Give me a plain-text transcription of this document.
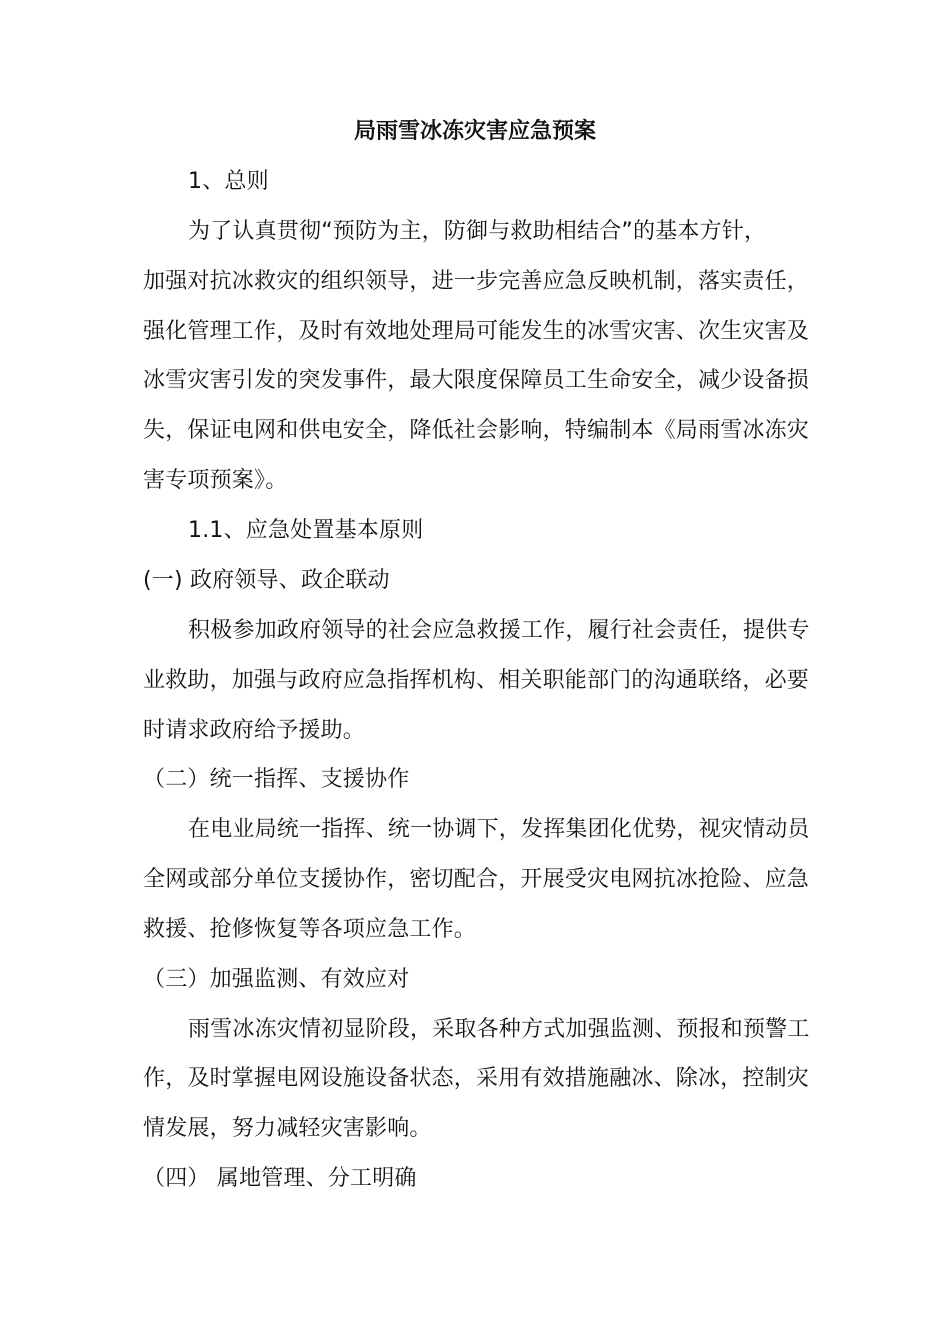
局雨雪冰冻灾害应急预案
1、总则
为了认真贯彻“预防为主，防御与救助相结合”的基本方针，
加强对抗冰救灾的组织领导，进一步完善应急反映机制，落实责任，
强化管理工作，及时有效地处理局可能发生的冰雪灾害、次生灾害及
冰雪灾害引发的突发事件，最大限度保障员工生命安全，减少设备损
失，保证电网和供电安全，降低社会影响，特编制本《局雨雪冰冻灾
害专项预案》。
1.1、应急处置基本原则
(一) 政府领导、政企联动
积极参加政府领导的社会应急救援工作，履行社会责任，提供专
业救助，加强与政府应急指挥机构、相关职能部门的沟通联络，必要
时请求政府给予援助。
（二）统一指挥、支援协作
在电业局统一指挥、统一协调下，发挥集团化优势，视灾情动员
全网或部分单位支援协作，密切配合，开展受灾电网抗冰抢险、应急
救援、抢修恢复等各项应急工作。
（三）加强监测、有效应对
雨雪冰冻灾情初显阶段，采取各种方式加强监测、预报和预警工
作，及时掌握电网设施设备状态，采用有效措施融冰、除冰，控制灾
情发展，努力减轻灾害影响。
（四） 属地管理、分工明确
